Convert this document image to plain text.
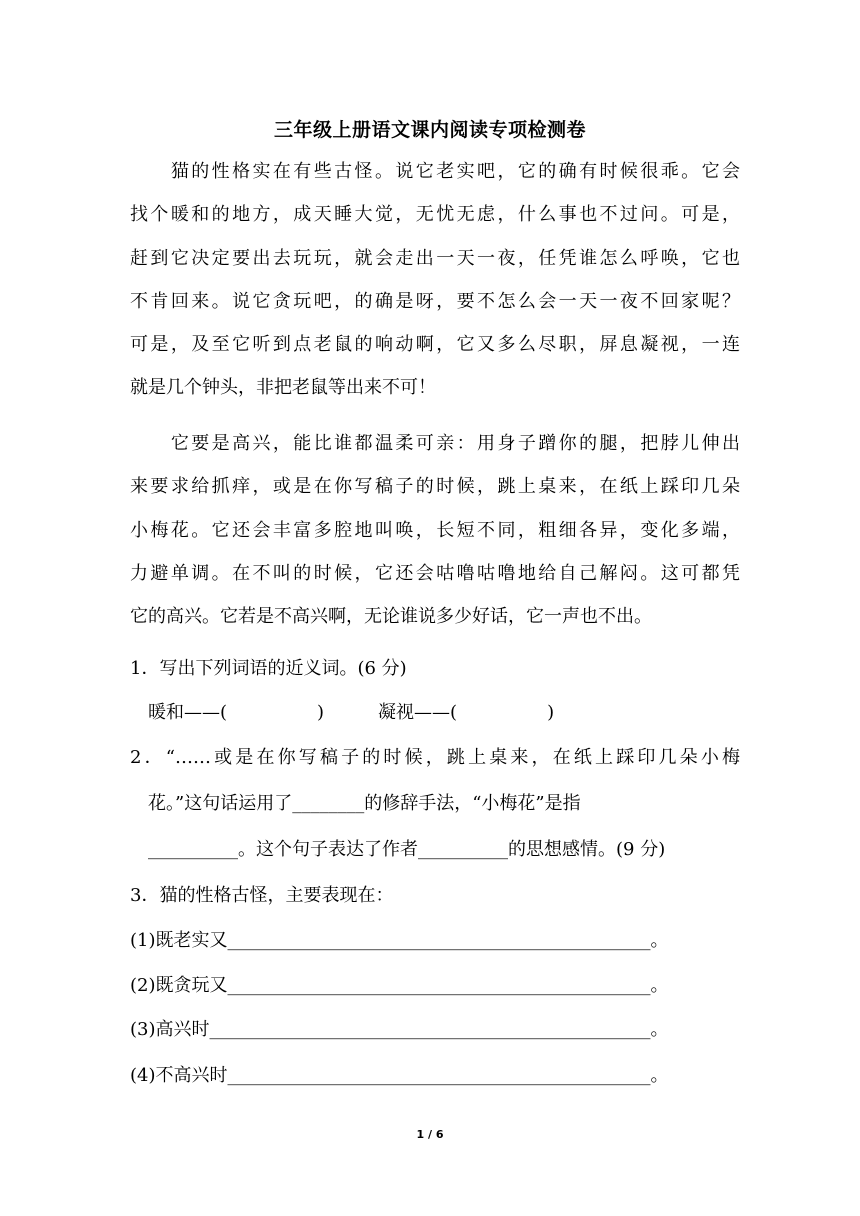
三年级上册语文课内阅读专项检测卷
　　猫的性格实在有些古怪。说它老实吧，它的确有时候很乖。它会
找个暖和的地方，成天睡大觉，无忧无虑，什么事也不过问。可是，
赶到它决定要出去玩玩，就会走出一天一夜，任凭谁怎么呼唤，它也
不肯回来。说它贪玩吧，的确是呀，要不怎么会一天一夜不回家呢？
可是，及至它听到点老鼠的响动啊，它又多么尽职，屏息凝视，一连
就是几个钟头，非把老鼠等出来不可！
　　它要是高兴，能比谁都温柔可亲：用身子蹭你的腿，把脖儿伸出
来要求给抓痒，或是在你写稿子的时候，跳上桌来，在纸上踩印几朵
小梅花。它还会丰富多腔地叫唤，长短不同，粗细各异，变化多端，
力避单调。在不叫的时候，它还会咕噜咕噜地给自己解闷。这可都凭
它的高兴。它若是不高兴啊，无论谁说多少好话，它一声也不出。
1．写出下列词语的近义词。(6 分)
　暖和——(　　　　　)　　　凝视——(　　　　　)
2．“……或是在你写稿子的时候，跳上桌来，在纸上踩印几朵小梅
　花。”这句话运用了________的修辞手法，“小梅花”是指
　__________。这个句子表达了作者__________的思想感情。(9 分)
3．猫的性格古怪，主要表现在：
(1)既老实又_______________________________________________。
(2)既贪玩又_______________________________________________。
(3)高兴时_________________________________________________。
(4)不高兴时_______________________________________________。
1 / 6
